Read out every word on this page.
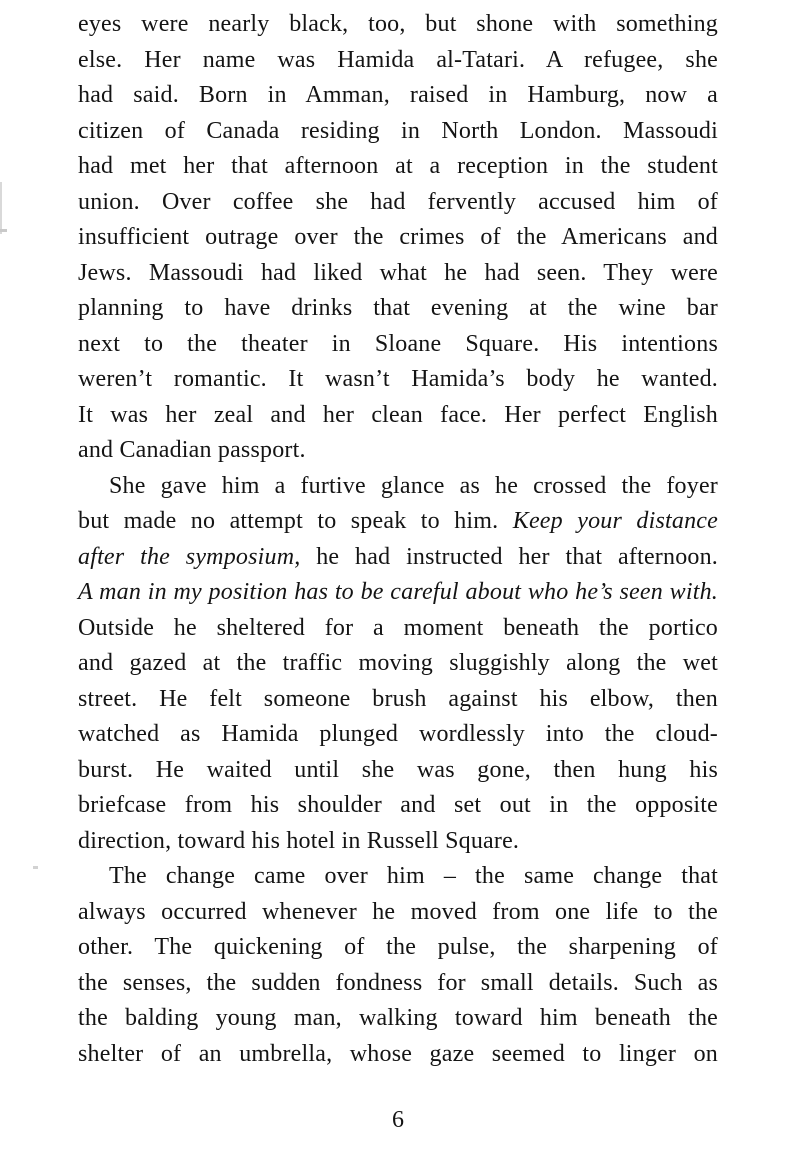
eyes were nearly black, too, but shone with something
else. Her name was Hamida al-Tatari. A refugee, she
had said. Born in Amman, raised in Hamburg, now a
citizen of Canada residing in North London. Massoudi
had met her that afternoon at a reception in the student
union. Over coffee she had fervently accused him of
insufficient outrage over the crimes of the Americans and
Jews. Massoudi had liked what he had seen. They were
planning to have drinks that evening at the wine bar
next to the theater in Sloane Square. His intentions
weren’t romantic. It wasn’t Hamida’s body he wanted.
It was her zeal and her clean face. Her perfect English
and Canadian passport.
She gave him a furtive glance as he crossed the foyer
but made no attempt to speak to him. Keep your distance
after the symposium, he had instructed her that afternoon.
A man in my position has to be careful about who he’s seen with.
Outside he sheltered for a moment beneath the portico
and gazed at the traffic moving sluggishly along the wet
street. He felt someone brush against his elbow, then
watched as Hamida plunged wordlessly into the cloud-
burst. He waited until she was gone, then hung his
briefcase from his shoulder and set out in the opposite
direction, toward his hotel in Russell Square.
The change came over him – the same change that
always occurred whenever he moved from one life to the
other. The quickening of the pulse, the sharpening of
the senses, the sudden fondness for small details. Such as
the balding young man, walking toward him beneath the
shelter of an umbrella, whose gaze seemed to linger on
6
